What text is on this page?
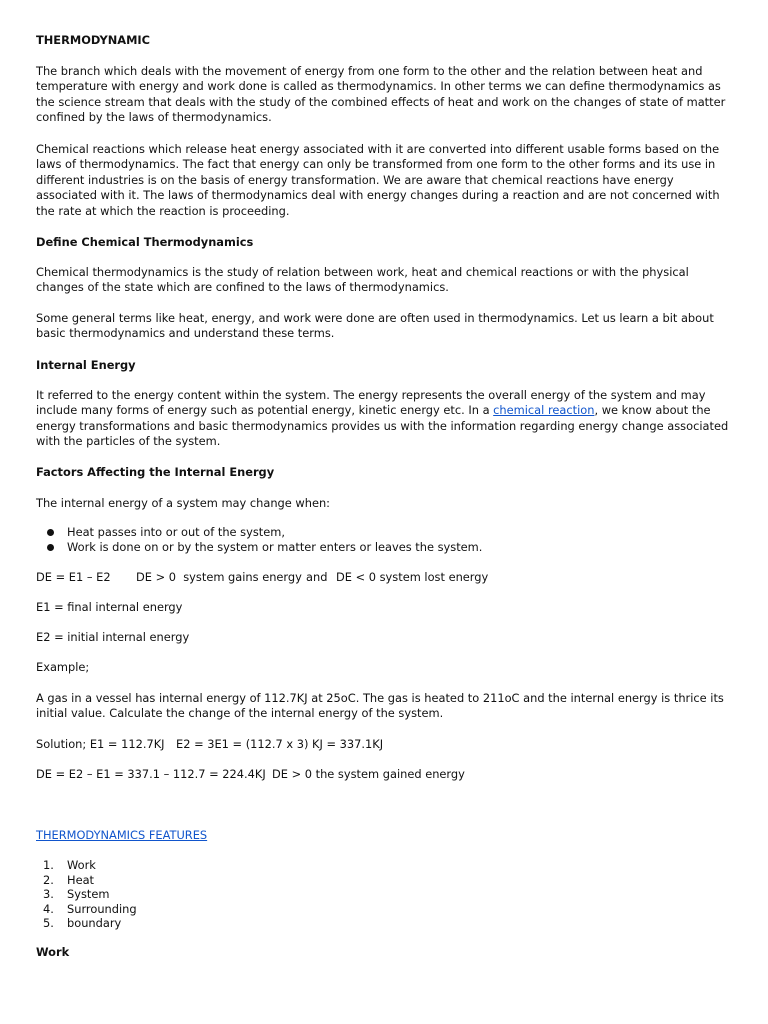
THERMODYNAMIC

The branch which deals with the movement of energy from one form to the other and the relation between heat and temperature with energy and work done is called as thermodynamics. In other terms we can define thermodynamics as the science stream that deals with the study of the combined effects of heat and work on the changes of state of matter confined by the laws of thermodynamics.

Chemical reactions which release heat energy associated with it are converted into different usable forms based on the laws of thermodynamics. The fact that energy can only be transformed from one form to the other forms and its use in different industries is on the basis of energy transformation. We are aware that chemical reactions have energy associated with it. The laws of thermodynamics deal with energy changes during a reaction and are not concerned with the rate at which the reaction is proceeding.

Define Chemical Thermodynamics

Chemical thermodynamics is the study of relation between work, heat and chemical reactions or with the physical changes of the state which are confined to the laws of thermodynamics.

Some general terms like heat, energy, and work were done are often used in thermodynamics. Let us learn a bit about basic thermodynamics and understand these terms.

Internal Energy

It referred to the energy content within the system. The energy represents the overall energy of the system and may include many forms of energy such as potential energy, kinetic energy etc. In a chemical reaction, we know about the energy transformations and basic thermodynamics provides us with the information regarding energy change associated with the particles of the system.

Factors Affecting the Internal Energy

The internal energy of a system may change when:

Heat passes into or out of the system,
Work is done on or by the system or matter enters or leaves the system.

DE = E1 – E2 DE > 0  system gains energy and DE < 0 system lost energy

E1 = final internal energy

E2 = initial internal energy

Example;

A gas in a vessel has internal energy of 112.7KJ at 25oC. The gas is heated to 211oC and the internal energy is thrice its initial value. Calculate the change of the internal energy of the system.

Solution; E1 = 112.7KJ E2 = 3E1 = (112.7 x 3) KJ = 337.1KJ

DE = E2 – E1 = 337.1 – 112.7 = 224.4KJ DE > 0 the system gained energy

THERMODYNAMICS FEATURES

1. Work
2. Heat
3. System
4. Surrounding
5. boundary

Work
